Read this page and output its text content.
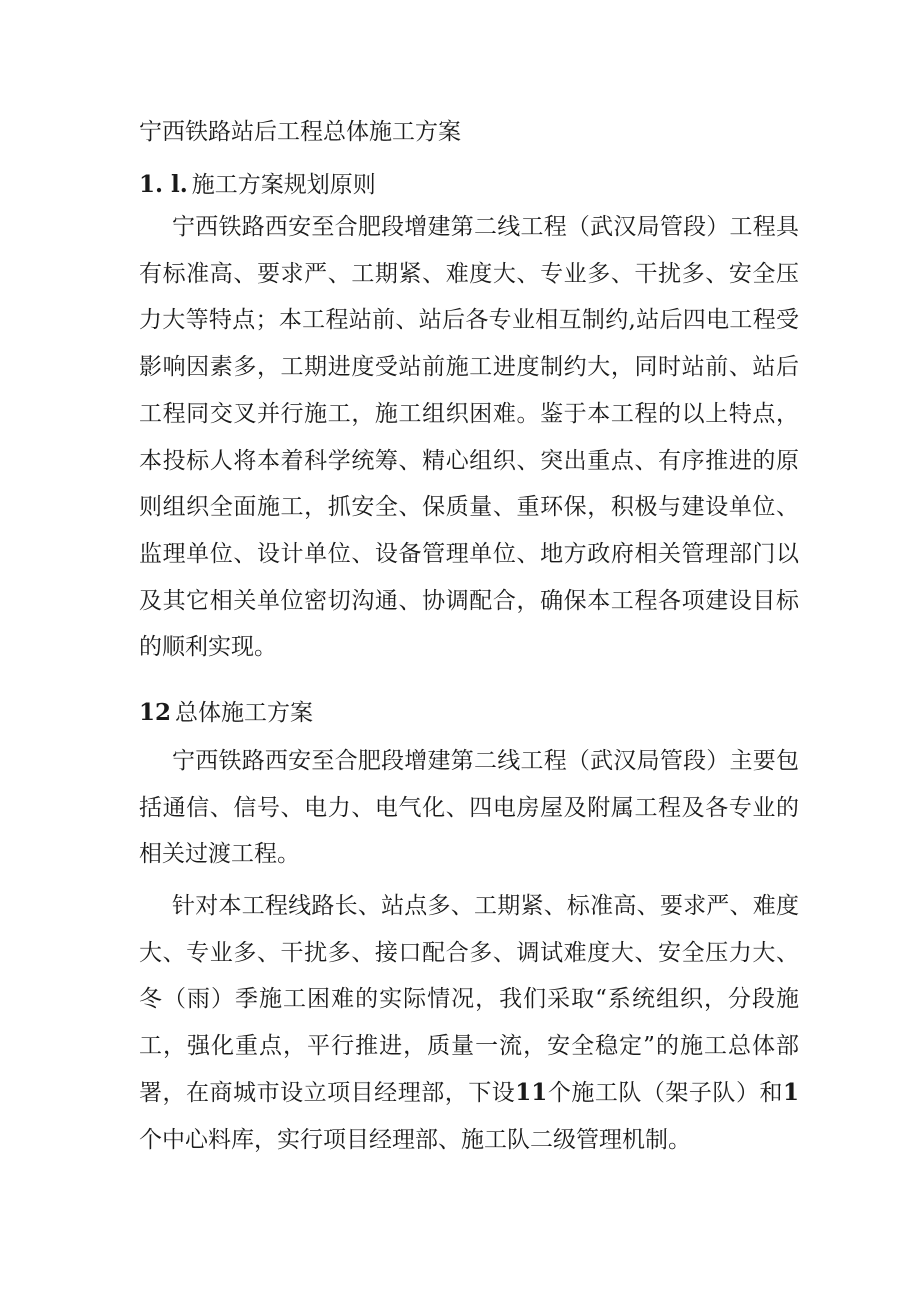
宁西铁路站后工程总体施工方案
1. l. 施工方案规划原则
宁西铁路西安至合肥段增建第二线工程（武汉局管段）工程具有标准高、要求严、工期紧、难度大、专业多、干扰多、安全压力大等特点；本工程站前、站后各专业相互制约,站后四电工程受影响因素多，工期进度受站前施工进度制约大，同时站前、站后工程同交叉并行施工，施工组织困难。鉴于本工程的以上特点，本投标人将本着科学统筹、精心组织、突出重点、有序推进的原则组织全面施工，抓安全、保质量、重环保，积极与建设单位、监理单位、设计单位、设备管理单位、地方政府相关管理部门以及其它相关单位密切沟通、协调配合，确保本工程各项建设目标的顺利实现。
12 总体施工方案
宁西铁路西安至合肥段增建第二线工程（武汉局管段）主要包括通信、信号、电力、电气化、四电房屋及附属工程及各专业的相关过渡工程。
针对本工程线路长、站点多、工期紧、标准高、要求严、难度大、专业多、干扰多、接口配合多、调试难度大、安全压力大、冬（雨）季施工困难的实际情况，我们采取“系统组织，分段施工，强化重点，平行推进，质量一流，安全稳定”的施工总体部署，在商城市设立项目经理部，下设11个施工队（架子队）和1个中心料库，实行项目经理部、施工队二级管理机制。
